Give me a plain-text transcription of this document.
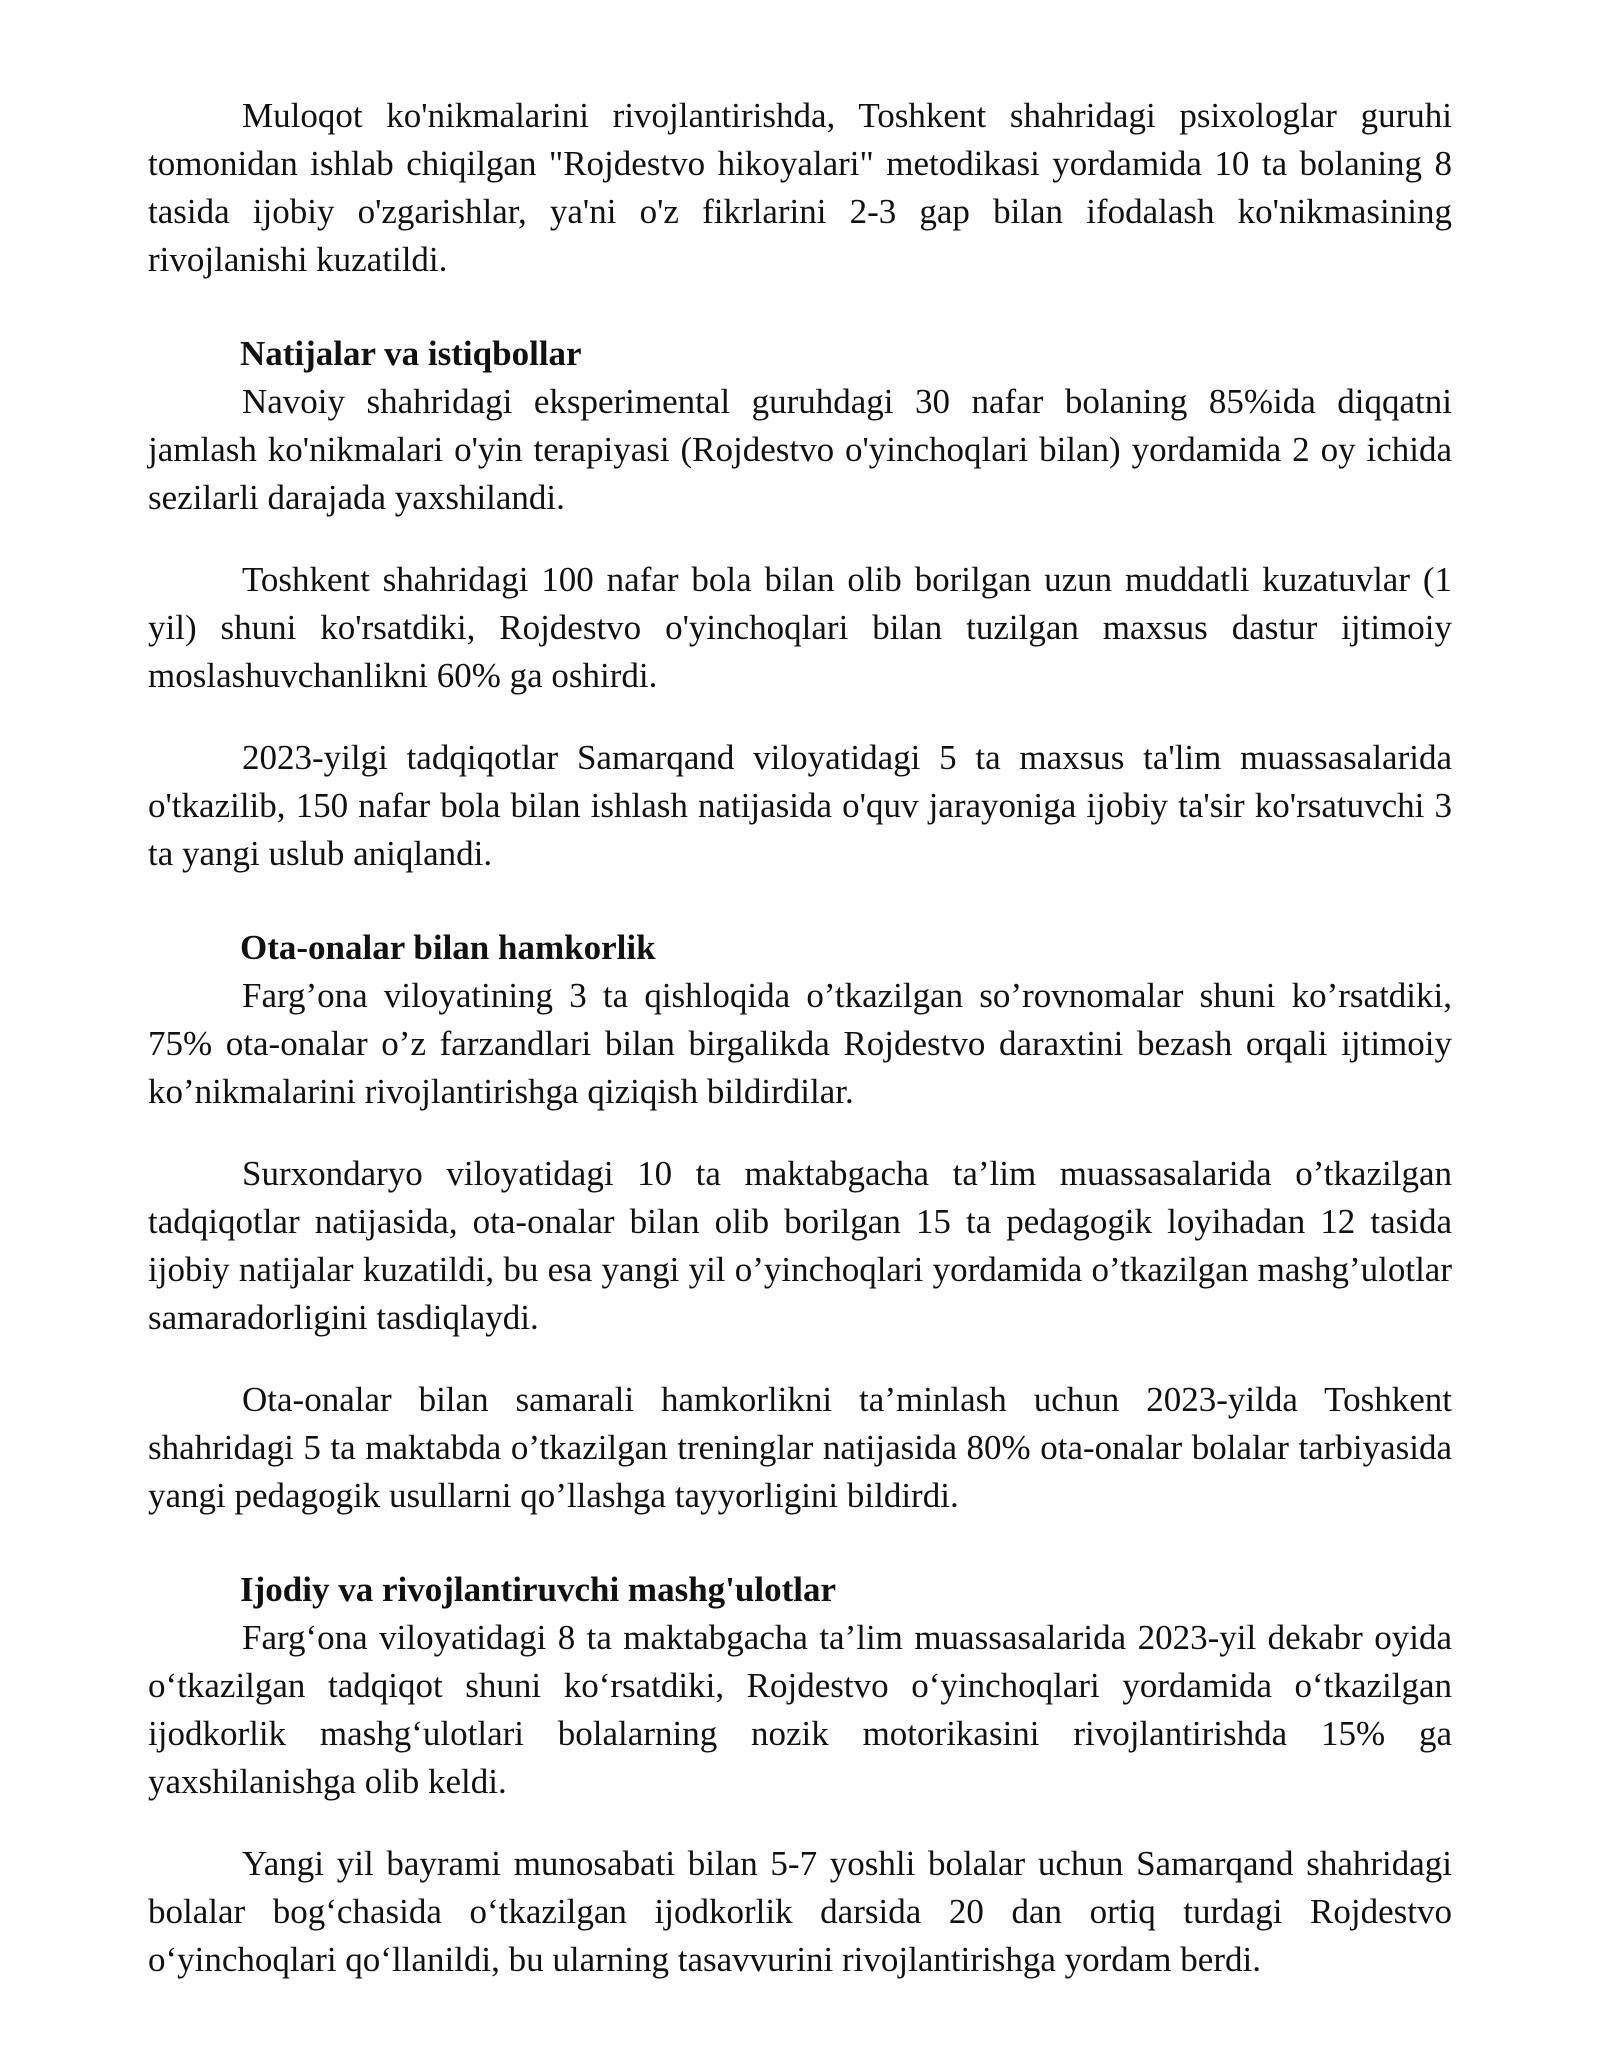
Muloqot ko'nikmalarini rivojlantirishda, Toshkent shahridagi psixologlar guruhi tomonidan ishlab chiqilgan "Rojdestvo hikoyalari" metodikasi yordamida 10 ta bolaning 8 tasida ijobiy o'zgarishlar, ya'ni o'z fikrlarini 2-3 gap bilan ifodalash ko'nikmasining rivojlanishi kuzatildi.

Natijalar va istiqbollar

Navoiy shahridagi eksperimental guruhdagi 30 nafar bolaning 85%ida diqqatni jamlash ko'nikmalari o'yin terapiyasi (Rojdestvo o'yinchoqlari bilan) yordamida 2 oy ichida sezilarli darajada yaxshilandi.

Toshkent shahridagi 100 nafar bola bilan olib borilgan uzun muddatli kuzatuvlar (1 yil) shuni ko'rsatdiki, Rojdestvo o'yinchoqlari bilan tuzilgan maxsus dastur ijtimoiy moslashuvchanlikni 60% ga oshirdi.

2023-yilgi tadqiqotlar Samarqand viloyatidagi 5 ta maxsus ta'lim muassasalarida o'tkazilib, 150 nafar bola bilan ishlash natijasida o'quv jarayoniga ijobiy ta'sir ko'rsatuvchi 3 ta yangi uslub aniqlandi.

Ota-onalar bilan hamkorlik

Farg’ona viloyatining 3 ta qishloqida o’tkazilgan so’rovnomalar shuni ko’rsatdiki, 75% ota-onalar o’z farzandlari bilan birgalikda Rojdestvo daraxtini bezash orqali ijtimoiy ko’nikmalarini rivojlantirishga qiziqish bildirdilar.

Surxondaryo viloyatidagi 10 ta maktabgacha ta’lim muassasalarida o’tkazilgan tadqiqotlar natijasida, ota-onalar bilan olib borilgan 15 ta pedagogik loyihadan 12 tasida ijobiy natijalar kuzatildi, bu esa yangi yil o’yinchoqlari yordamida o’tkazilgan mashg’ulotlar samaradorligini tasdiqlaydi.

Ota-onalar bilan samarali hamkorlikni ta’minlash uchun 2023-yilda Toshkent shahridagi 5 ta maktabda o’tkazilgan treninglar natijasida 80% ota-onalar bolalar tarbiyasida yangi pedagogik usullarni qo’llashga tayyorligini bildirdi.

Ijodiy va rivojlantiruvchi mashg'ulotlar

Farg‘ona viloyatidagi 8 ta maktabgacha ta’lim muassasalarida 2023-yil dekabr oyida o‘tkazilgan tadqiqot shuni ko‘rsatdiki, Rojdestvo o‘yinchoqlari yordamida o‘tkazilgan ijodkorlik mashg‘ulotlari bolalarning nozik motorikasini rivojlantirishda 15% ga yaxshilanishga olib keldi.

Yangi yil bayrami munosabati bilan 5-7 yoshli bolalar uchun Samarqand shahridagi bolalar bog‘chasida o‘tkazilgan ijodkorlik darsida 20 dan ortiq turdagi Rojdestvo o‘yinchoqlari qo‘llanildi, bu ularning tasavvurini rivojlantirishga yordam berdi.
